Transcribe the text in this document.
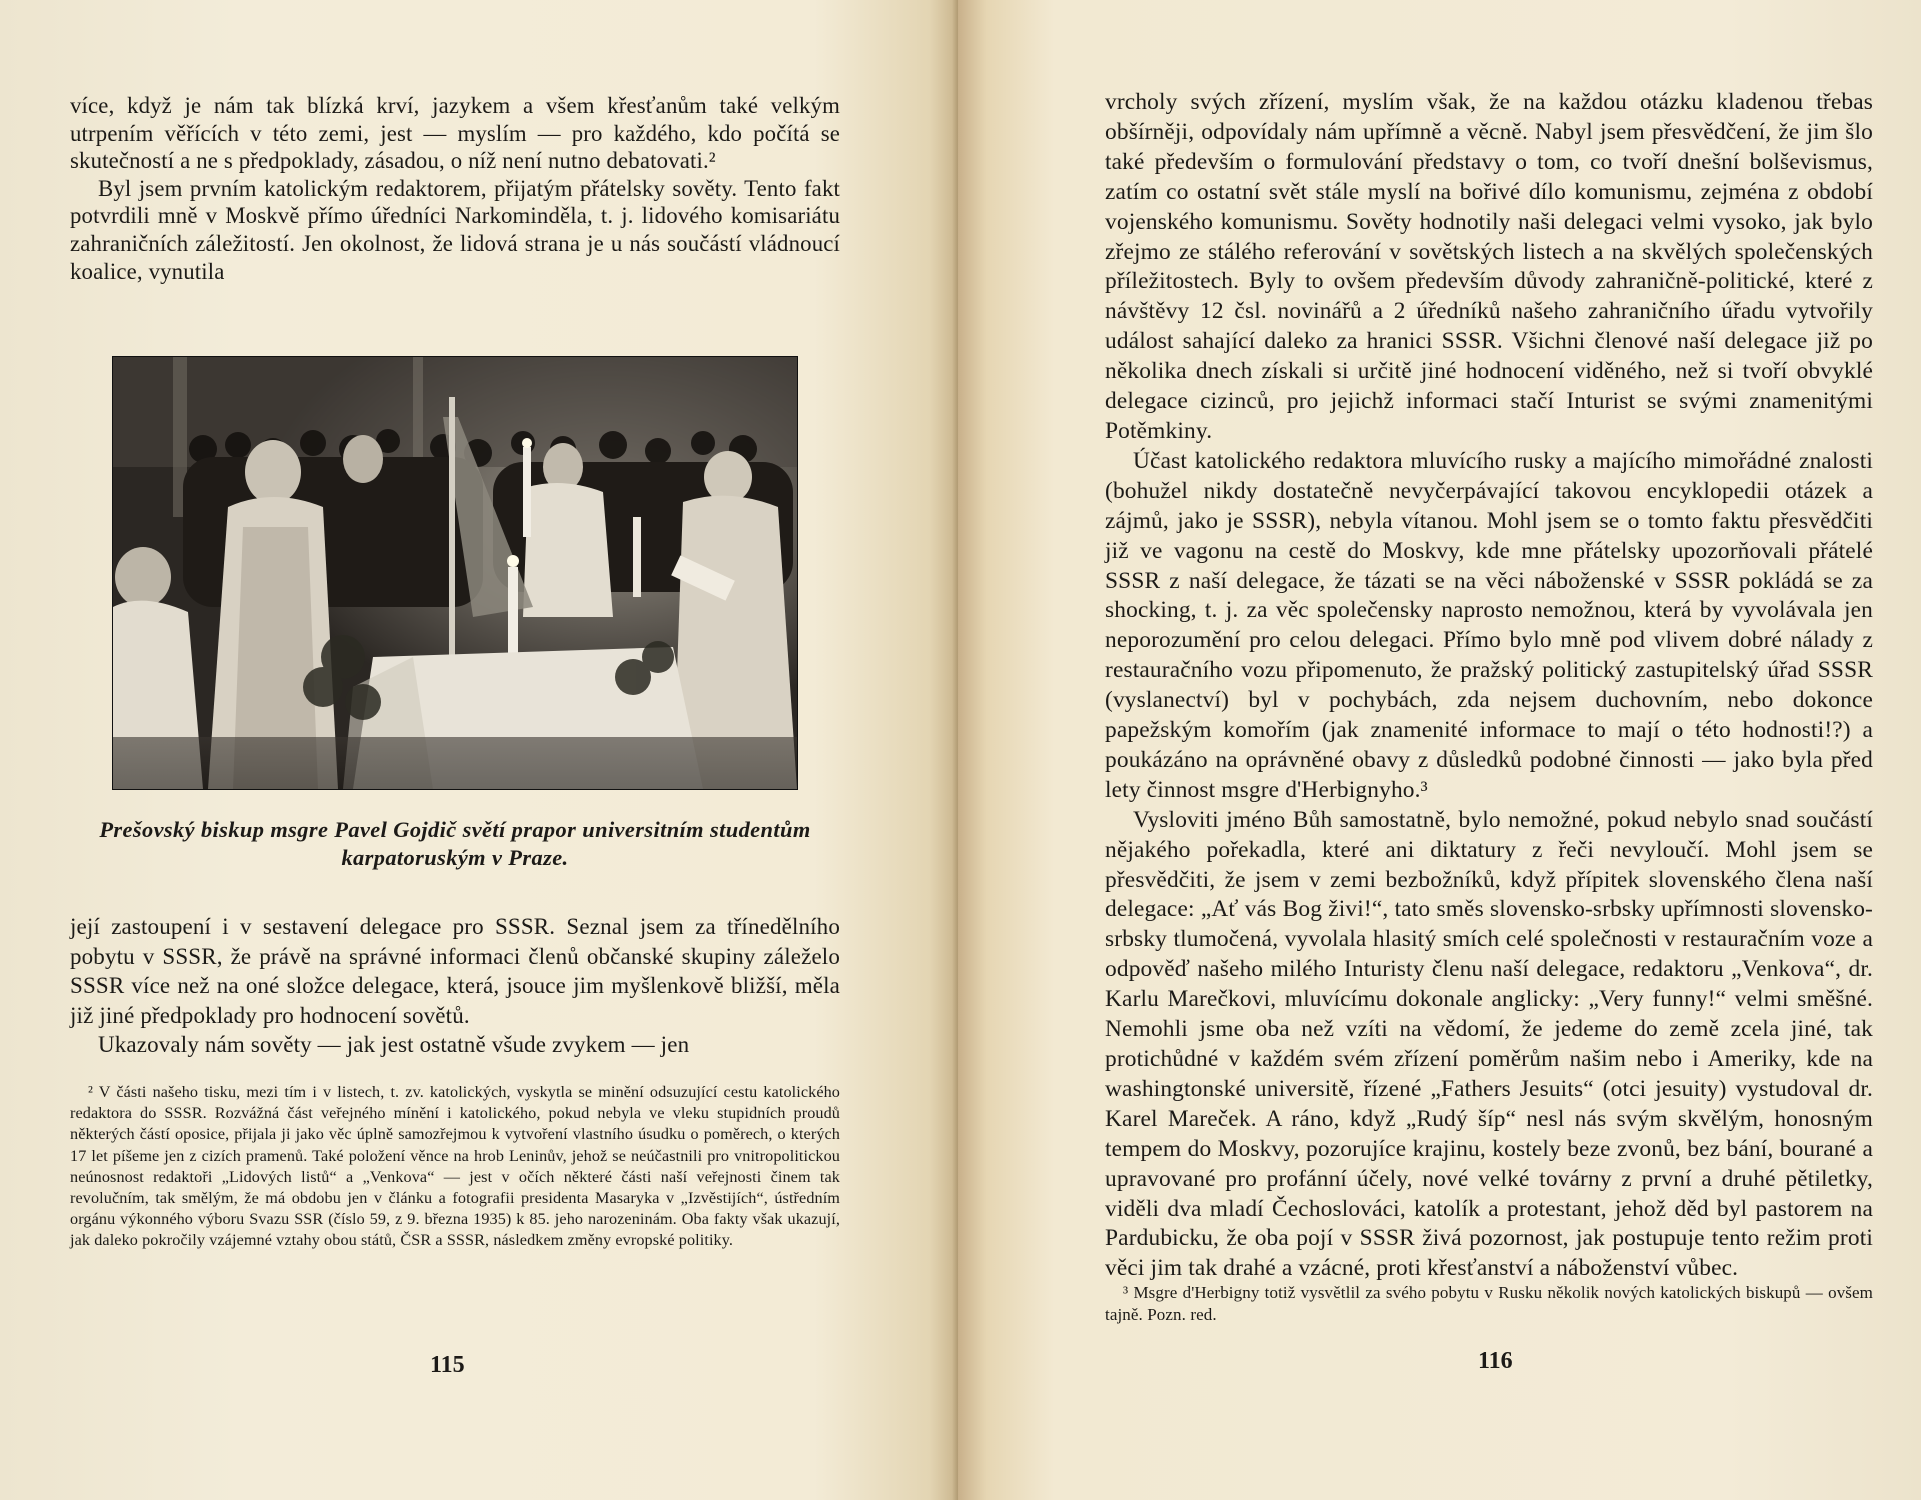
více, když je nám tak blízká krví, jazykem a všem křesťanům také velkým utrpením věřících v této zemi, jest — myslím — pro každého, kdo počítá se skutečností a ne s předpoklady, zásadou, o níž není nutno debatovati.²

Byl jsem prvním katolickým redaktorem, přijatým přátelsky sověty. Tento fakt potvrdili mně v Moskvě přímo úředníci Narkominděla, t. j. lidového komisariátu zahraničních záležitostí. Jen okolnost, že lidová strana je u nás součástí vládnoucí koalice, vynutila

Prešovský biskup msgre Pavel Gojdič světí prapor universitním studentům karpatoruským v Praze.

její zastoupení i v sestavení delegace pro SSSR. Seznal jsem za třínedělního pobytu v SSSR, že právě na správné informaci členů občanské skupiny záleželo SSSR více než na oné složce delegace, která, jsouce jim myšlenkově bližší, měla již jiné předpoklady pro hodnocení sovětů.

Ukazovaly nám sověty — jak jest ostatně všude zvykem — jen

² V části našeho tisku, mezi tím i v listech, t. zv. katolických, vyskytla se minění odsuzující cestu katolického redaktora do SSSR. Rozvážná část veřejného mínění i katolického, pokud nebyla ve vleku stupidních proudů některých částí oposice, přijala ji jako věc úplně samozřejmou k vytvoření vlastního úsudku o poměrech, o kterých 17 let píšeme jen z cizích pramenů. Také položení věnce na hrob Leninův, jehož se neúčastnili pro vnitropolitickou neúnosnost redaktoři „Lidových listů“ a „Venkova“ — jest v očích některé části naší veřejnosti činem tak revolučním, tak smělým, že má obdobu jen v článku a fotografii presidenta Masaryka v „Izvěstijích“, ústředním orgánu výkonného výboru Svazu SSR (číslo 59, z 9. března 1935) k 85. jeho narozeninám. Oba fakty však ukazují, jak daleko pokročily vzájemné vztahy obou států, ČSR a SSSR, následkem změny evropské politiky.

115

vrcholy svých zřízení, myslím však, že na každou otázku kladenou třebas obšírněji, odpovídaly nám upřímně a věcně. Nabyl jsem přesvědčení, že jim šlo také především o formulování představy o tom, co tvoří dnešní bolševismus, zatím co ostatní svět stále myslí na bořivé dílo komunismu, zejména z období vojenského komunismu. Sověty hodnotily naši delegaci velmi vysoko, jak bylo zřejmo ze stálého referování v sovětských listech a na skvělých společenských příležitostech. Byly to ovšem především důvody zahraničně-politické, které z návštěvy 12 čsl. novinářů a 2 úředníků našeho zahraničního úřadu vytvořily událost sahající daleko za hranici SSSR. Všichni členové naší delegace již po několika dnech získali si určitě jiné hodnocení viděného, než si tvoří obvyklé delegace cizinců, pro jejichž informaci stačí Inturist se svými znamenitými Potěmkiny.

Účast katolického redaktora mluvícího rusky a majícího mimořádné znalosti (bohužel nikdy dostatečně nevyčerpávající takovou encyklopedii otázek a zájmů, jako je SSSR), nebyla vítanou. Mohl jsem se o tomto faktu přesvědčiti již ve vagonu na cestě do Moskvy, kde mne přátelsky upozorňovali přátelé SSSR z naší delegace, že tázati se na věci náboženské v SSSR pokládá se za shocking, t. j. za věc společensky naprosto nemožnou, která by vyvolávala jen neporozumění pro celou delegaci. Přímo bylo mně pod vlivem dobré nálady z restauračního vozu připomenuto, že pražský politický zastupitelský úřad SSSR (vyslanectví) byl v pochybách, zda nejsem duchovním, nebo dokonce papežským komořím (jak znamenité informace to mají o této hodnosti!?) a poukázáno na oprávněné obavy z důsledků podobné činnosti — jako byla před lety činnost msgre d'Herbignyho.³

Vysloviti jméno Bůh samostatně, bylo nemožné, pokud nebylo snad součástí nějakého pořekadla, které ani diktatury z řeči nevyloučí. Mohl jsem se přesvědčiti, že jsem v zemi bezbožníků, když přípitek slovenského člena naší delegace: „Ať vás Bog živi!“, tato směs slovensko-srbsky upřímnosti slovensko-srbsky tlumočená, vyvolala hlasitý smích celé společnosti v restauračním voze a odpověď našeho milého Inturisty členu naší delegace, redaktoru „Venkova“, dr. Karlu Marečkovi, mluvícímu dokonale anglicky: „Very funny!“ velmi směšné. Nemohli jsme oba než vzíti na vědomí, že jedeme do země zcela jiné, tak protichůdné v každém svém zřízení poměrům našim nebo i Ameriky, kde na washingtonské universitě, řízené „Fathers Jesuits“ (otci jesuity) vystudoval dr. Karel Mareček. A ráno, když „Rudý šíp“ nesl nás svým skvělým, honosným tempem do Moskvy, pozorujíce krajinu, kostely beze zvonů, bez bání, bourané a upravované pro profánní účely, nové velké továrny z první a druhé pětiletky, viděli dva mladí Čechoslováci, katolík a protestant, jehož děd byl pastorem na Pardubicku, že oba pojí v SSSR živá pozornost, jak postupuje tento režim proti věci jim tak drahé a vzácné, proti křesťanství a náboženství vůbec.

³ Msgre d'Herbigny totiž vysvětlil za svého pobytu v Rusku několik nových katolických biskupů — ovšem tajně. Pozn. red.

116
